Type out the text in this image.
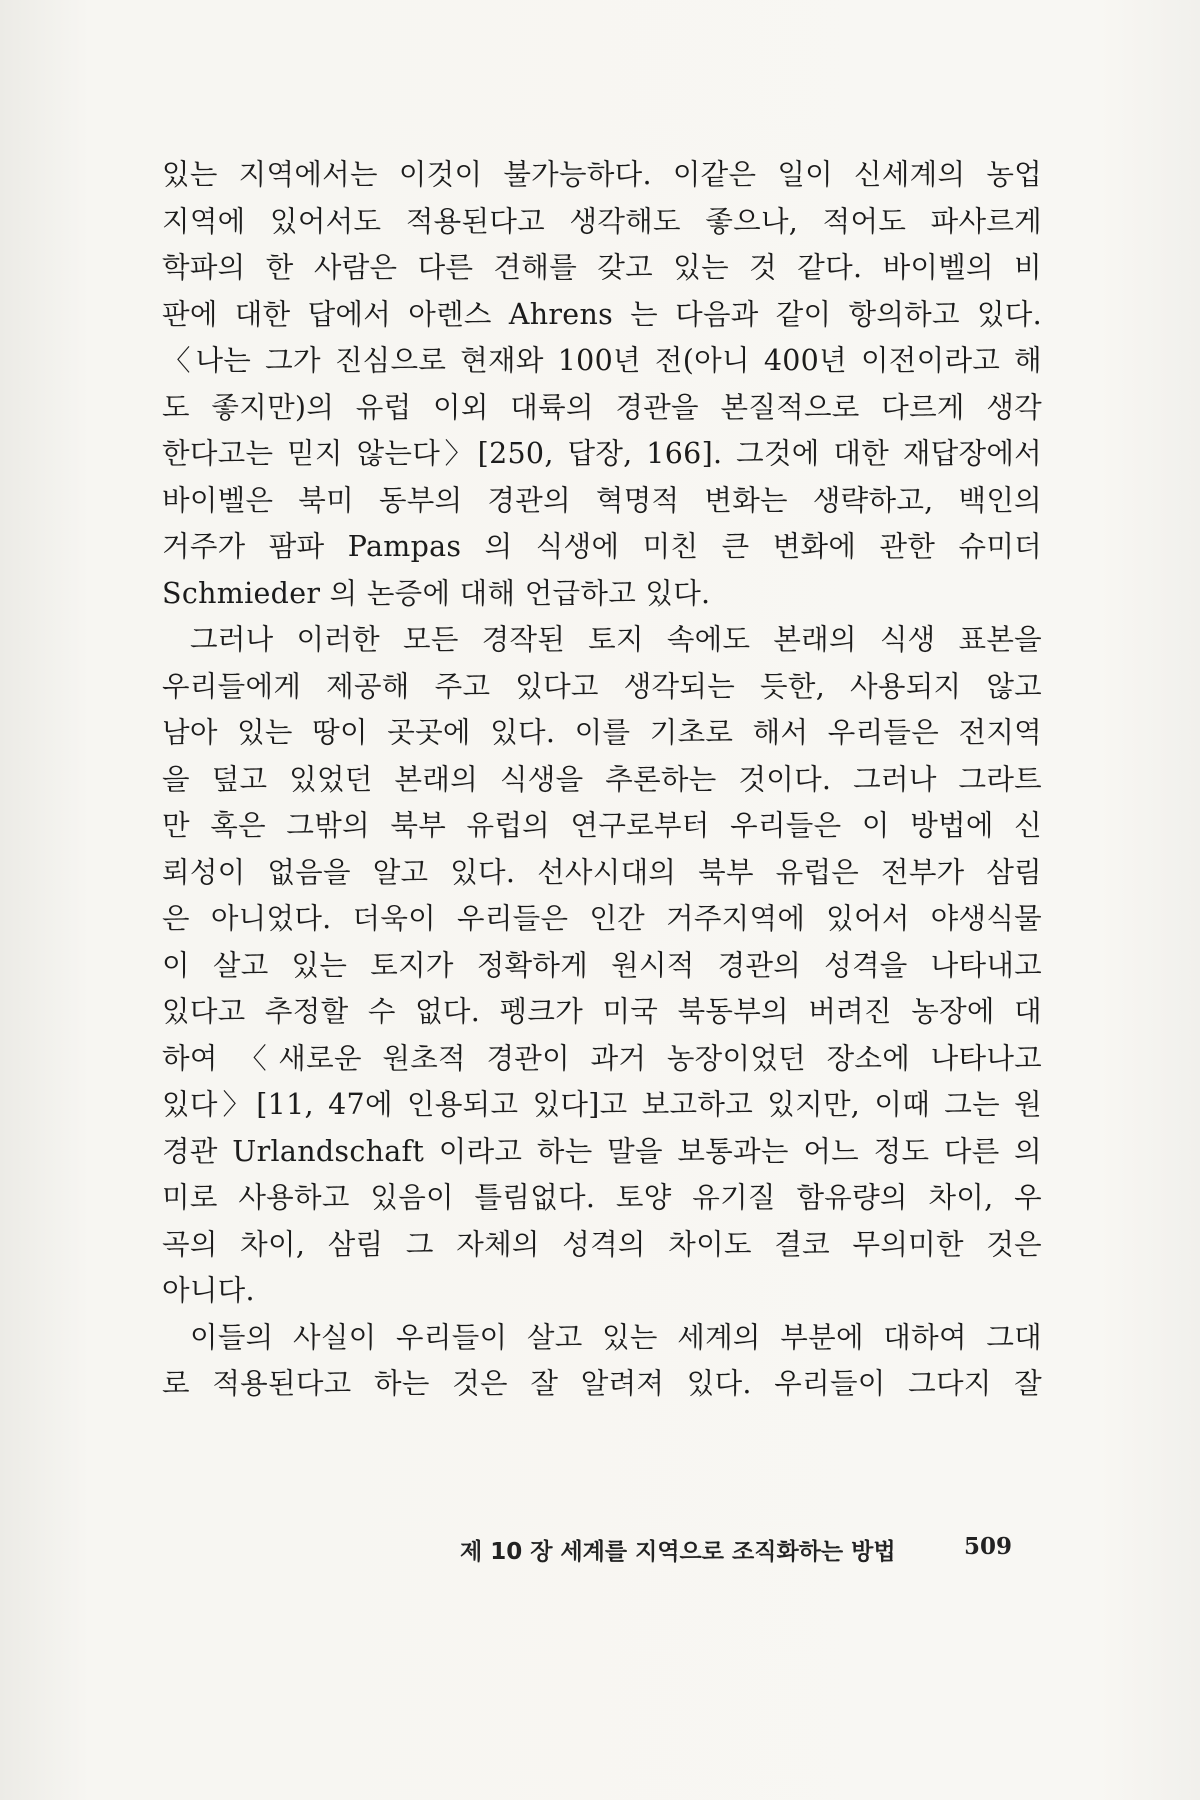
있는 지역에서는 이것이 불가능하다. 이같은 일이 신세계의 농업
지역에 있어서도 적용된다고 생각해도 좋으나, 적어도 파사르게
학파의 한 사람은 다른 견해를 갖고 있는 것 같다. 바이벨의 비
판에 대한 답에서 아렌스 Ahrens 는 다음과 같이 항의하고 있다.
〈나는 그가 진심으로 현재와 100년 전(아니 400년 이전이라고 해
도 좋지만)의 유럽 이외 대륙의 경관을 본질적으로 다르게 생각
한다고는 믿지 않는다〉[250, 답장, 166]. 그것에 대한 재답장에서
바이벨은 북미 동부의 경관의 혁명적 변화는 생략하고, 백인의
거주가 팜파 Pampas 의 식생에 미친 큰 변화에 관한 슈미더
Schmieder 의 논증에 대해 언급하고 있다.
그러나 이러한 모든 경작된 토지 속에도 본래의 식생 표본을
우리들에게 제공해 주고 있다고 생각되는 듯한, 사용되지 않고
남아 있는 땅이 곳곳에 있다. 이를 기초로 해서 우리들은 전지역
을 덮고 있었던 본래의 식생을 추론하는 것이다. 그러나 그라트
만 혹은 그밖의 북부 유럽의 연구로부터 우리들은 이 방법에 신
뢰성이 없음을 알고 있다. 선사시대의 북부 유럽은 전부가 삼림
은 아니었다. 더욱이 우리들은 인간 거주지역에 있어서 야생식물
이 살고 있는 토지가 정확하게 원시적 경관의 성격을 나타내고
있다고 추정할 수 없다. 펭크가 미국 북동부의 버려진 농장에 대
하여 〈새로운 원초적 경관이 과거 농장이었던 장소에 나타나고
있다〉[11, 47에 인용되고 있다]고 보고하고 있지만, 이때 그는 원
경관 Urlandschaft 이라고 하는 말을 보통과는 어느 정도 다른 의
미로 사용하고 있음이 틀림없다. 토양 유기질 함유량의 차이, 우
곡의 차이, 삼림 그 자체의 성격의 차이도 결코 무의미한 것은
아니다.
이들의 사실이 우리들이 살고 있는 세계의 부분에 대하여 그대
로 적용된다고 하는 것은 잘 알려져 있다. 우리들이 그다지 잘
제 10 장 세계를 지역으로 조직화하는 방법	509
